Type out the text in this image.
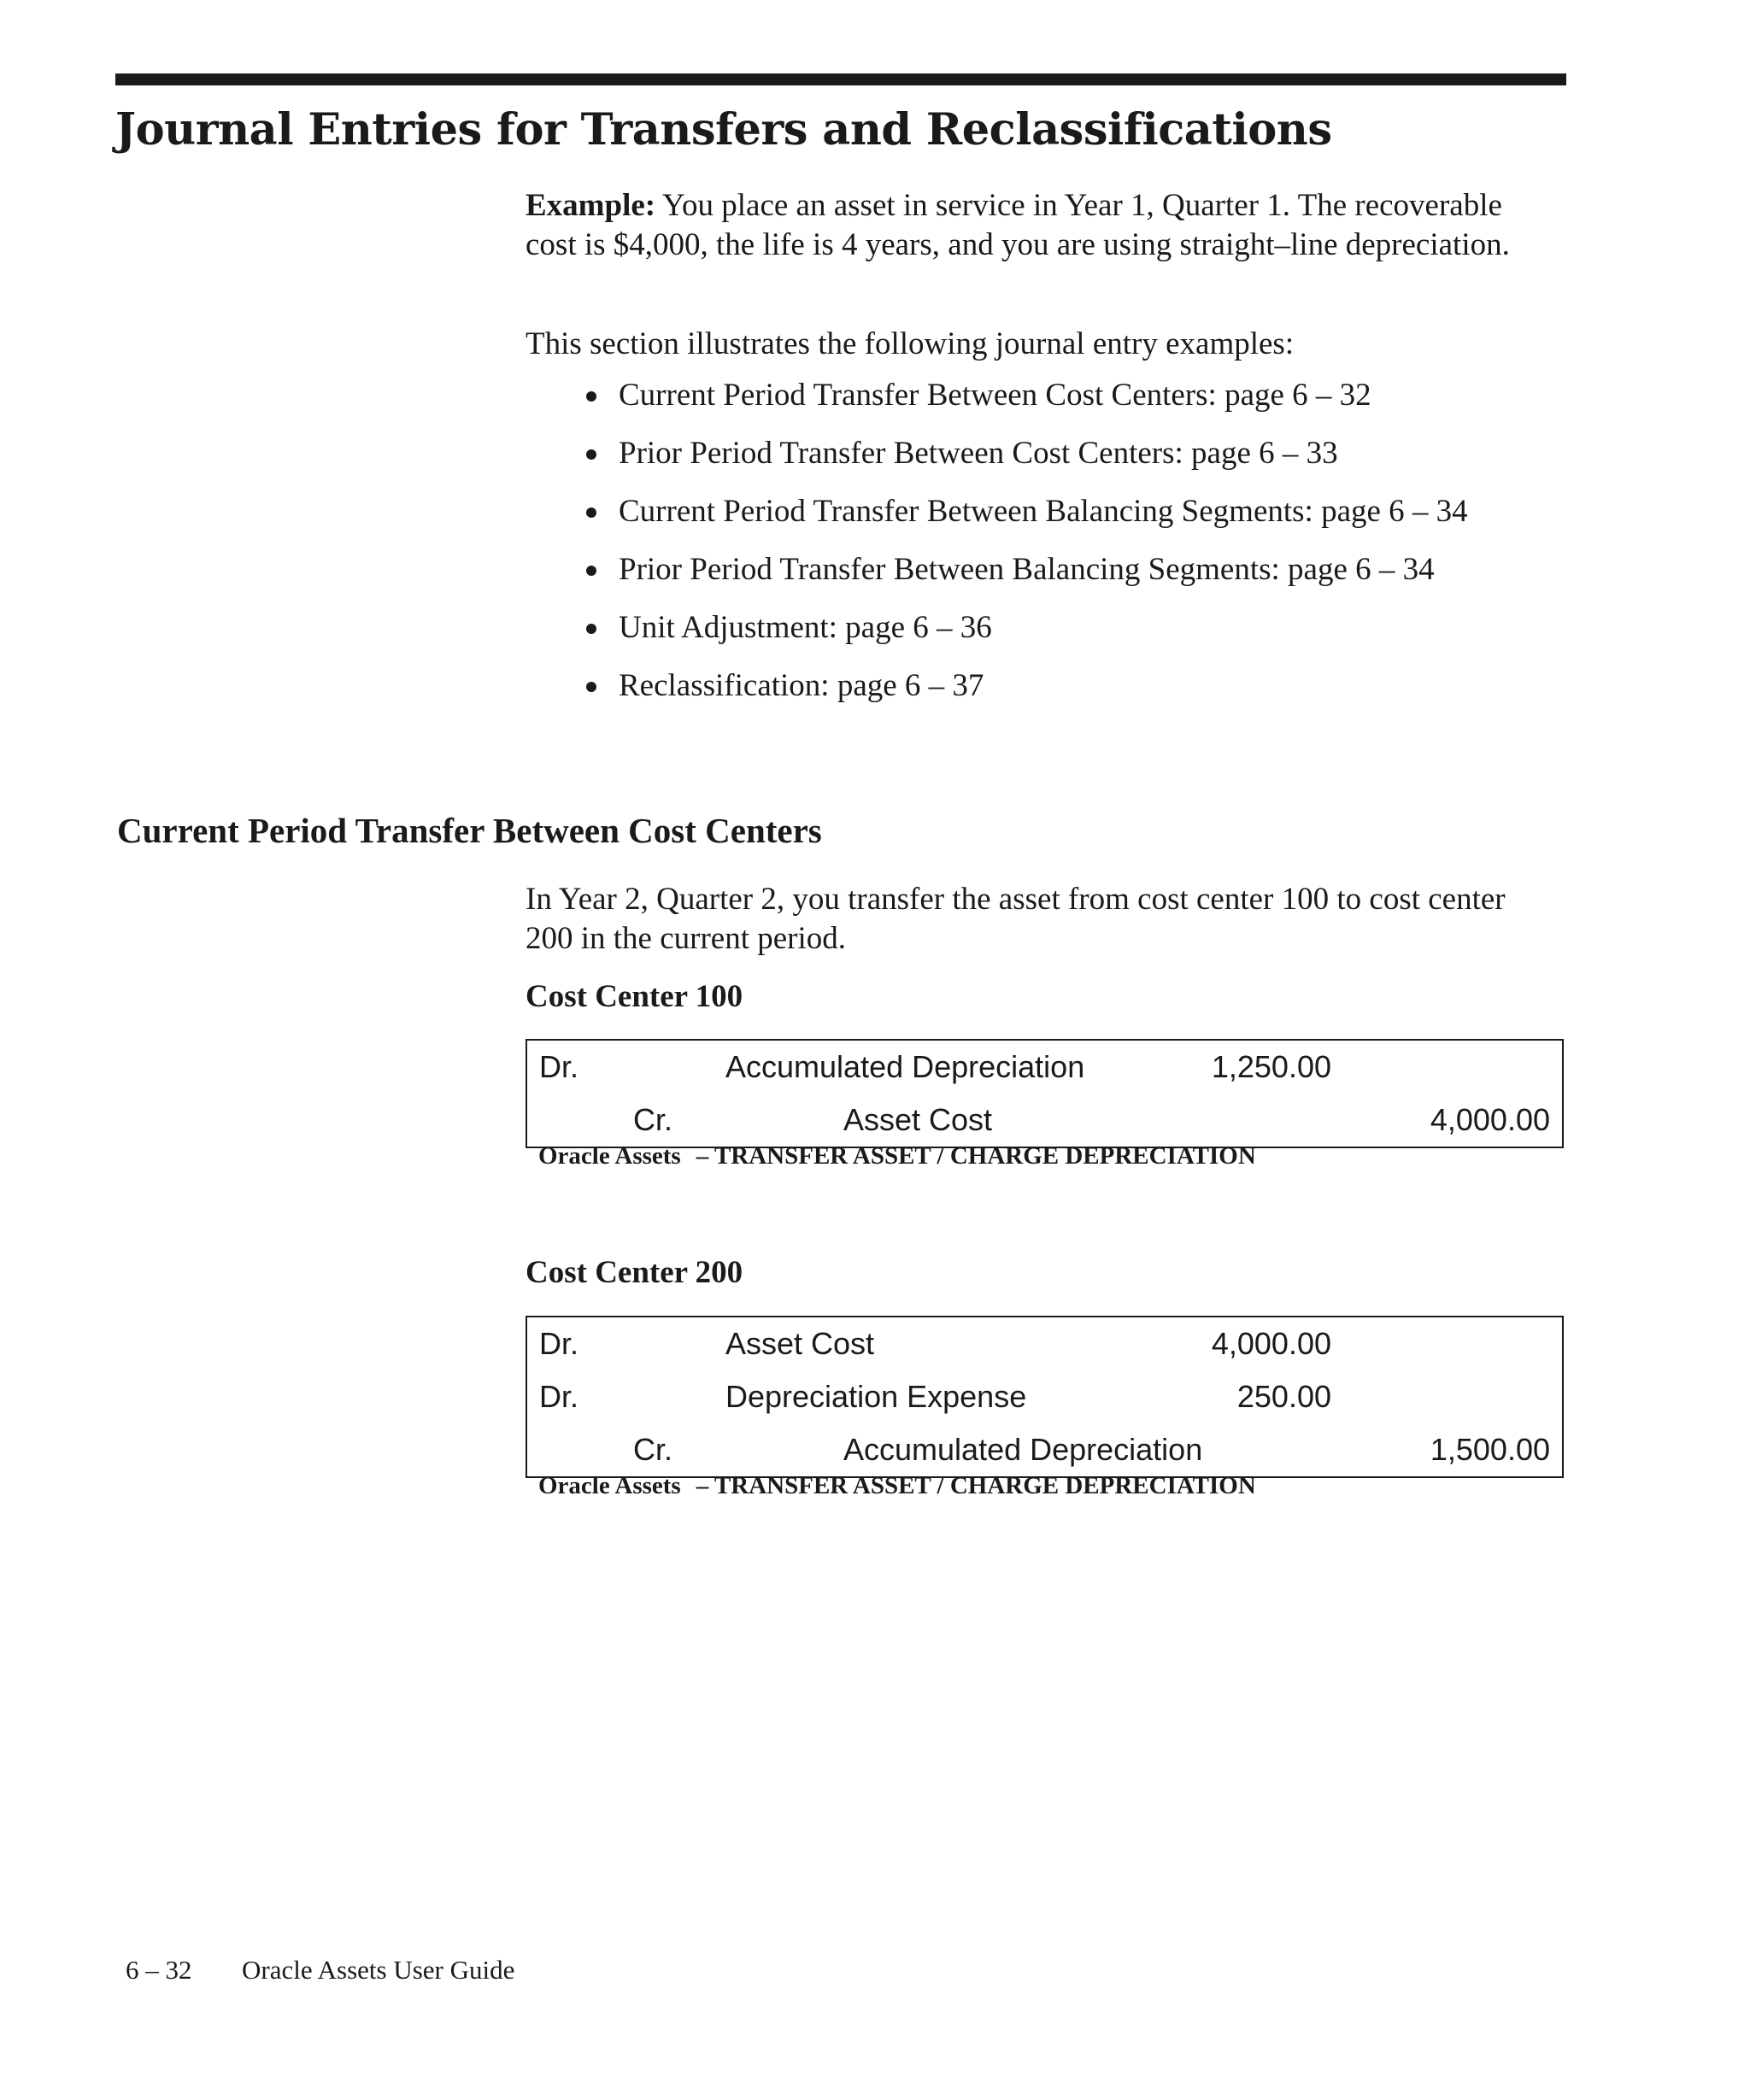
Journal Entries for Transfers and Reclassifications

Example: You place an asset in service in Year 1, Quarter 1. The recoverable cost is $4,000, the life is 4 years, and you are using straight–line depreciation.

This section illustrates the following journal entry examples:

Current Period Transfer Between Cost Centers: page 6 – 32
Prior Period Transfer Between Cost Centers: page 6 – 33
Current Period Transfer Between Balancing Segments: page 6 – 34
Prior Period Transfer Between Balancing Segments: page 6 – 34
Unit Adjustment: page 6 – 36
Reclassification: page 6 – 37
Current Period Transfer Between Cost Centers

In Year 2, Quarter 2, you transfer the asset from cost center 100 to cost center 200 in the current period.

Cost Center 100

Dr.	Accumulated Depreciation	1,250.00
Cr.	Asset Cost	4,000.00

Oracle Assets – TRANSFER ASSET / CHARGE DEPRECIATION

Cost Center 200

Dr.	Asset Cost	4,000.00
Dr.	Depreciation Expense	250.00
Cr.	Accumulated Depreciation	1,500.00

Oracle Assets – TRANSFER ASSET / CHARGE DEPRECIATION

6 – 32 Oracle Assets User Guide
